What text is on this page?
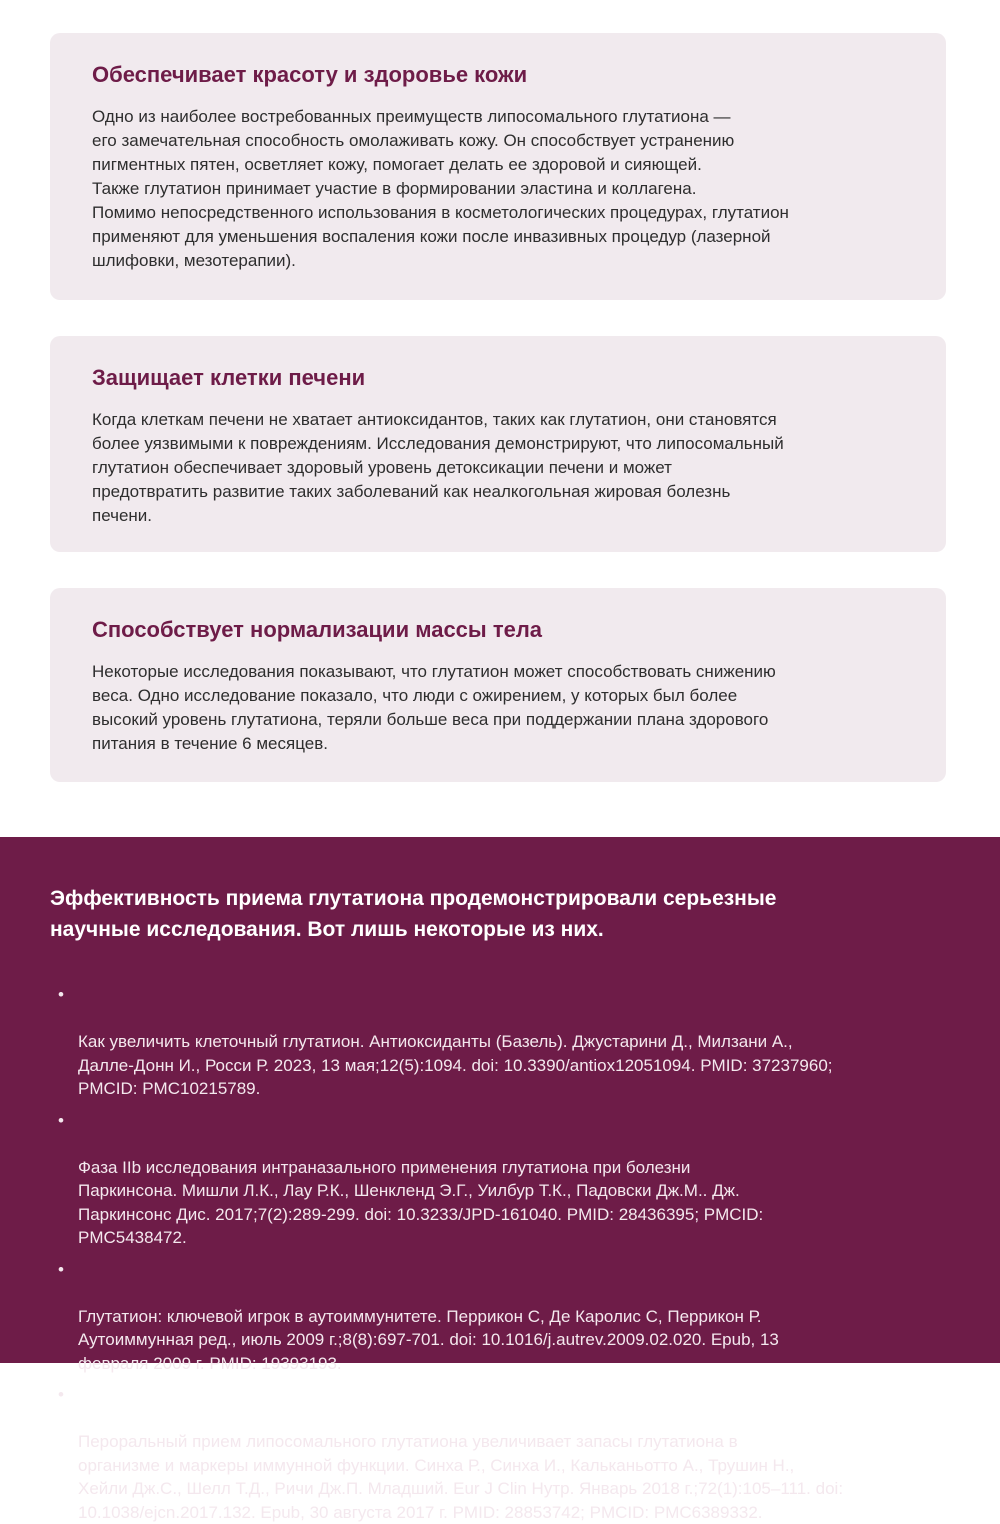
Обеспечивает красоту и здоровье кожи

Одно из наиболее востребованных преимуществ липосомального глутатиона —
его замечательная способность омолаживать кожу. Он способствует устранению
пигментных пятен, осветляет кожу, помогает делать ее здоровой и сияющей.
Также глутатион принимает участие в формировании эластина и коллагена.
Помимо непосредственного использования в косметологических процедурах, глутатион
применяют для уменьшения воспаления кожи после инвазивных процедур (лазерной
шлифовки, мезотерапии).

Защищает клетки печени

Когда клеткам печени не хватает антиоксидантов, таких как глутатион, они становятся
более уязвимыми к повреждениям. Исследования демонстрируют, что липосомальный
глутатион обеспечивает здоровый уровень детоксикации печени и может
предотвратить развитие таких заболеваний как неалкогольная жировая болезнь
печени.

Способствует нормализации массы тела

Некоторые исследования показывают, что глутатион может способствовать снижению
веса. Одно исследование показало, что люди с ожирением, у которых был более
высокий уровень глутатиона, теряли больше веса при поддержании плана здорового
питания в течение 6 месяцев.

Эффективность приема глутатиона продемонстрировали серьезные
научные исследования. Вот лишь некоторые из них.

•

Как увеличить клеточный глутатион. Антиоксиданты (Базель). Джустарини Д., Милзани А.,
Далле-Донн И., Росси Р. 2023, 13 мая;12(5):1094. doi: 10.3390/antiox12051094. PMID: 37237960;
PMCID: PMC10215789.

•

Фаза IIb исследования интраназального применения глутатиона при болезни
Паркинсона. Мишли Л.К., Лау Р.К., Шенкленд Э.Г., Уилбур Т.К., Падовски Дж.М.. Дж.
Паркинсонс Дис. 2017;7(2):289-299. doi: 10.3233/JPD-161040. PMID: 28436395; PMCID:
PMC5438472.

•

Глутатион: ключевой игрок в аутоиммунитете. Перрикон С, Де Каролис С, Перрикон Р.
Аутоиммунная ред., июль 2009 г.;8(8):697-701. doi: 10.1016/j.autrev.2009.02.020. Epub, 13
февраля 2009 г. PMID: 19393193.

•

Пероральный прием липосомального глутатиона увеличивает запасы глутатиона в
организме и маркеры иммунной функции. Синха Р., Синха И., Кальканьотто А., Трушин Н.,
Хейли Дж.С., Шелл Т.Д., Ричи Дж.П. Младший. Eur J Clin Нутр. Январь 2018 г.;72(1):105–111. doi:
10.1038/ejcn.2017.132. Epub, 30 августа 2017 г. PMID: 28853742; PMCID: PMC6389332.
